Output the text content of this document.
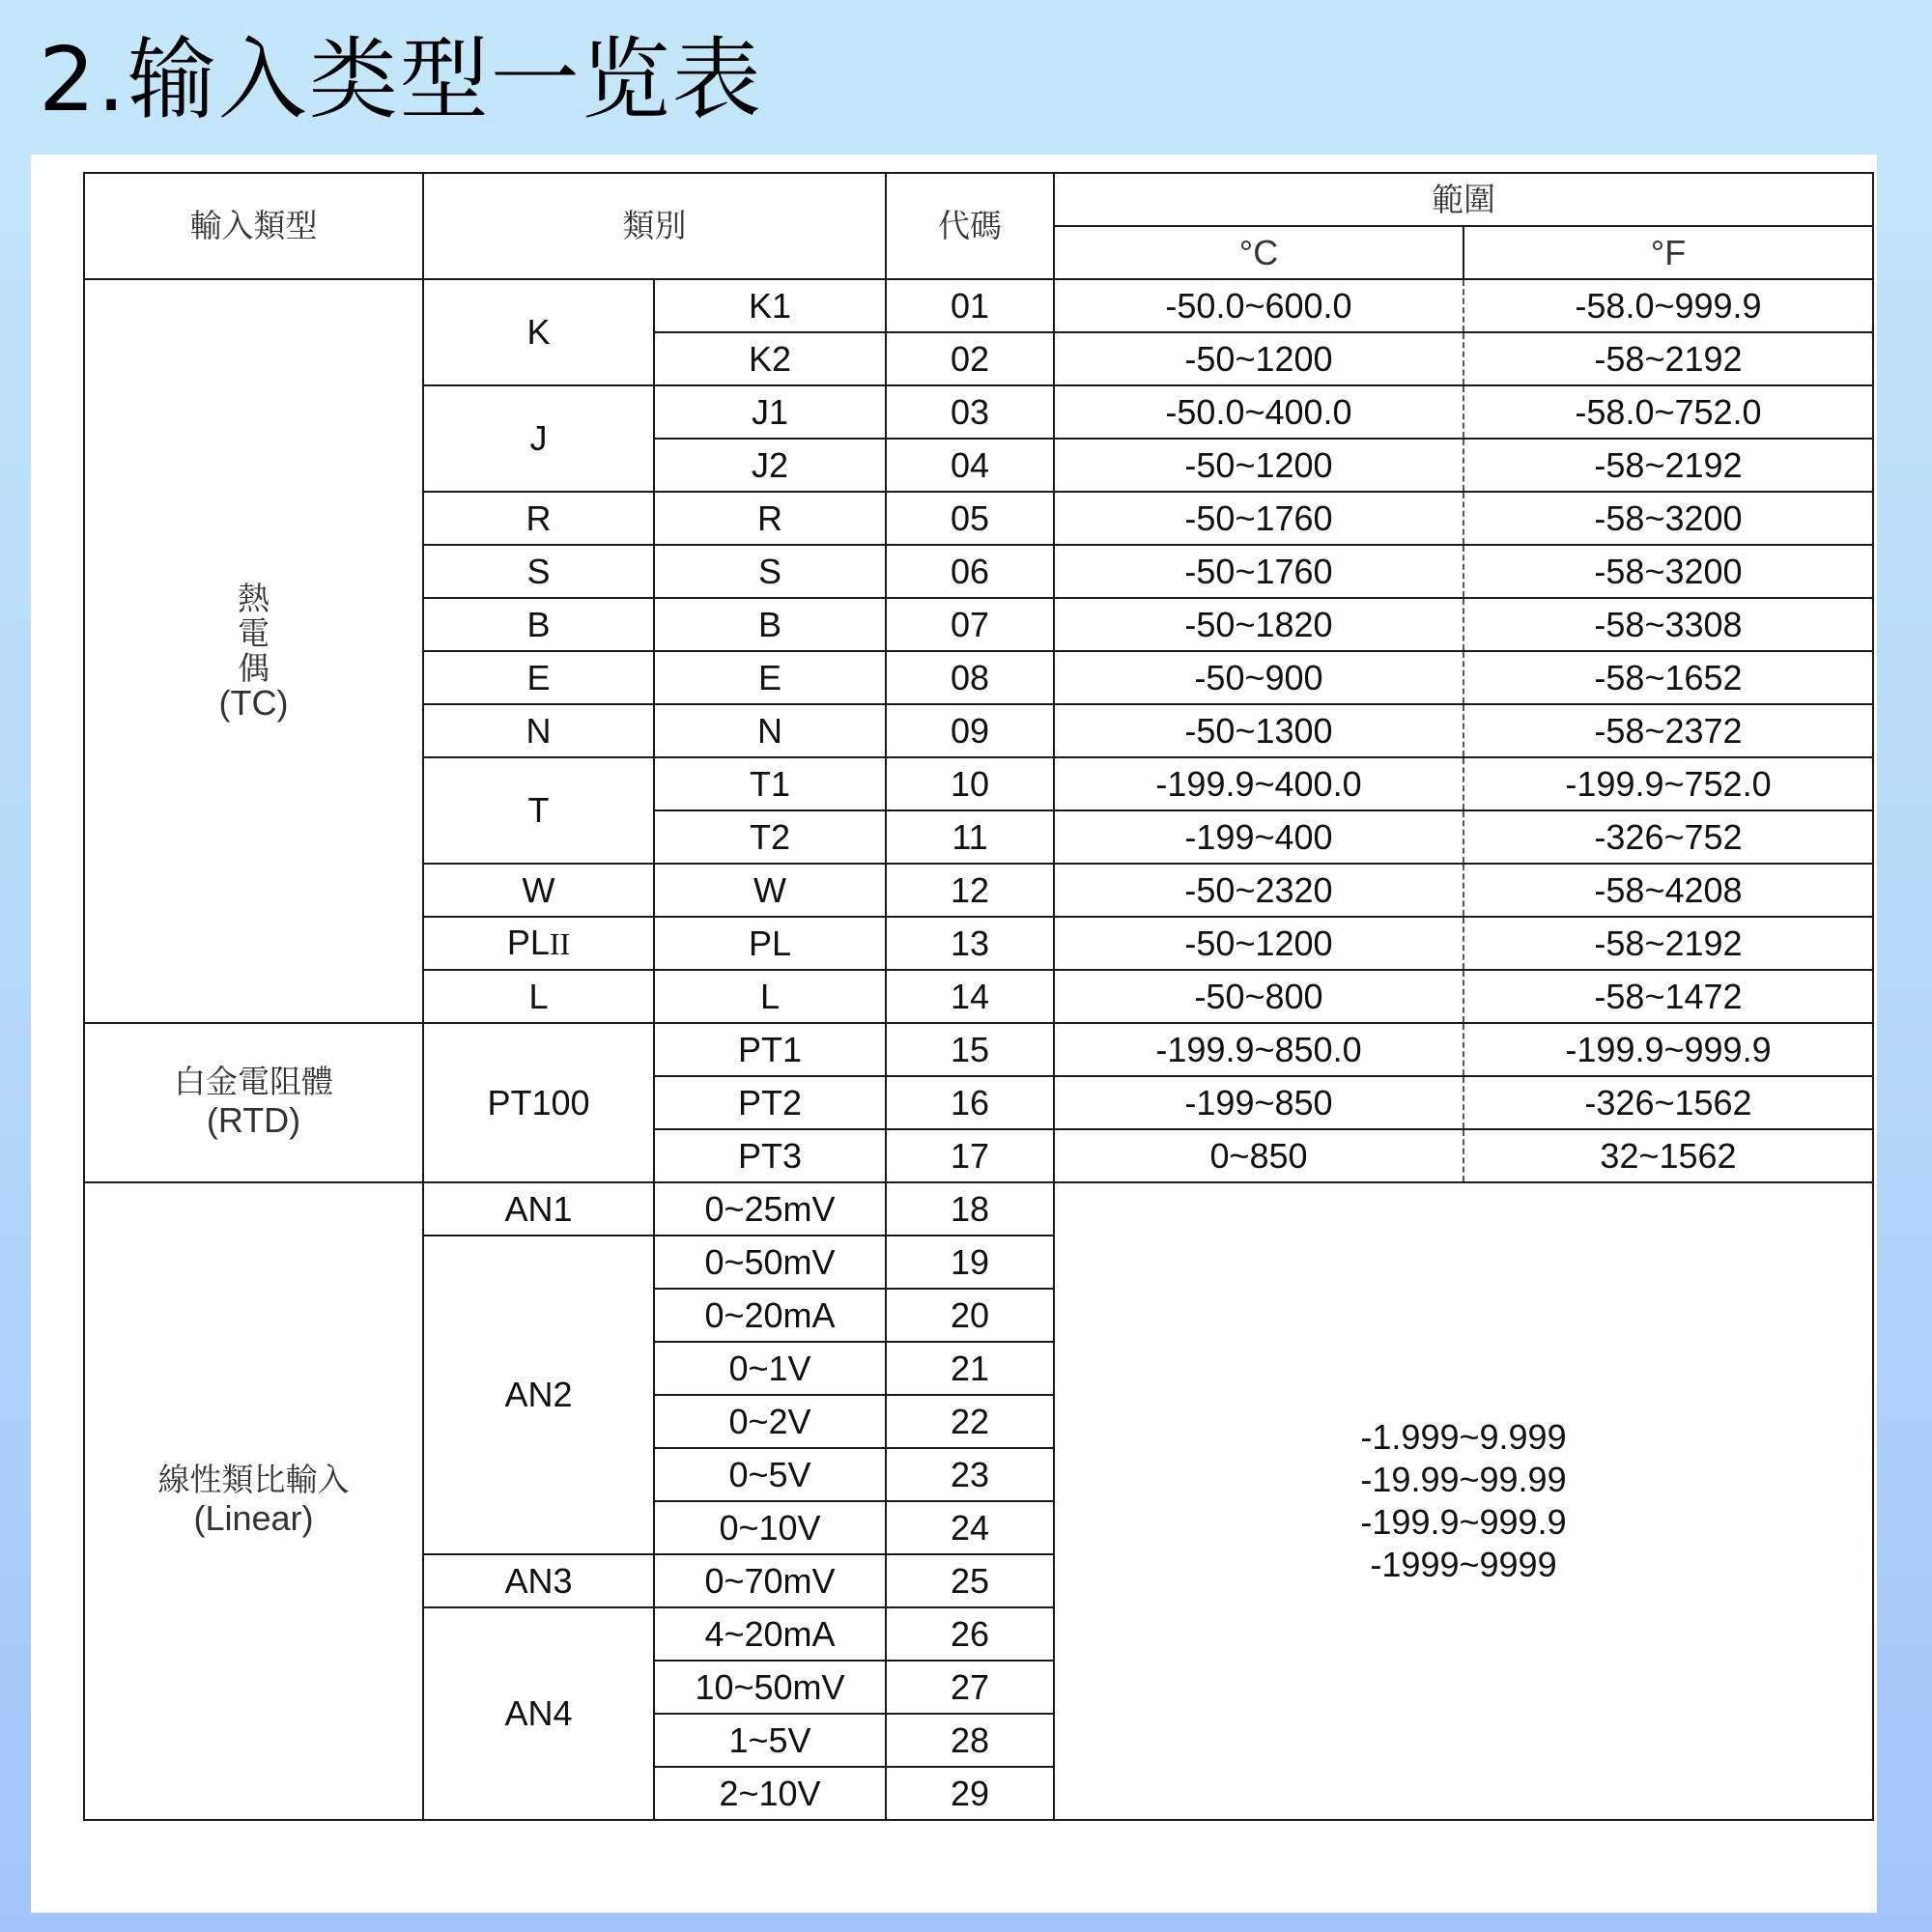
2.输入类型一览表
輸入類型	類別		代碼	範圍	
				°C	°F

熱
電
偶
(TC)	K	K1	01	-50.0~600.0	-58.0~999.9
		K2	02	-50~1200	-58~2192
	J	J1	03	-50.0~400.0	-58.0~752.0
		J2	04	-50~1200	-58~2192
	R	R	05	-50~1760	-58~3200
	S	S	06	-50~1760	-58~3200
	B	B	07	-50~1820	-58~3308
	E	E	08	-50~900	-58~1652
	N	N	09	-50~1300	-58~2372
	T	T1	10	-199.9~400.0	-199.9~752.0
		T2	11	-199~400	-326~752
	W	W	12	-50~2320	-58~4208
	PLII	PL	13	-50~1200	-58~2192
	L	L	14	-50~800	-58~1472

白金電阻體
(RTD)	PT100	PT1	15	-199.9~850.0	-199.9~999.9
		PT2	16	-199~850	-326~1562
		PT3	17	0~850	32~1562

線性類比輸入
(Linear)	AN1	0~25mV	18	-1.999~9.999
-19.99~99.99
-199.9~999.9
-1999~9999	

	AN2	0~50mV	19		
		0~20mA	20		
		0~1V	21		
		0~2V	22		
		0~5V	23		
		0~10V	24		
	AN3	0~70mV	25		
	AN4	4~20mA	26		
		10~50mV	27		
		1~5V	28		
		2~10V	29		
